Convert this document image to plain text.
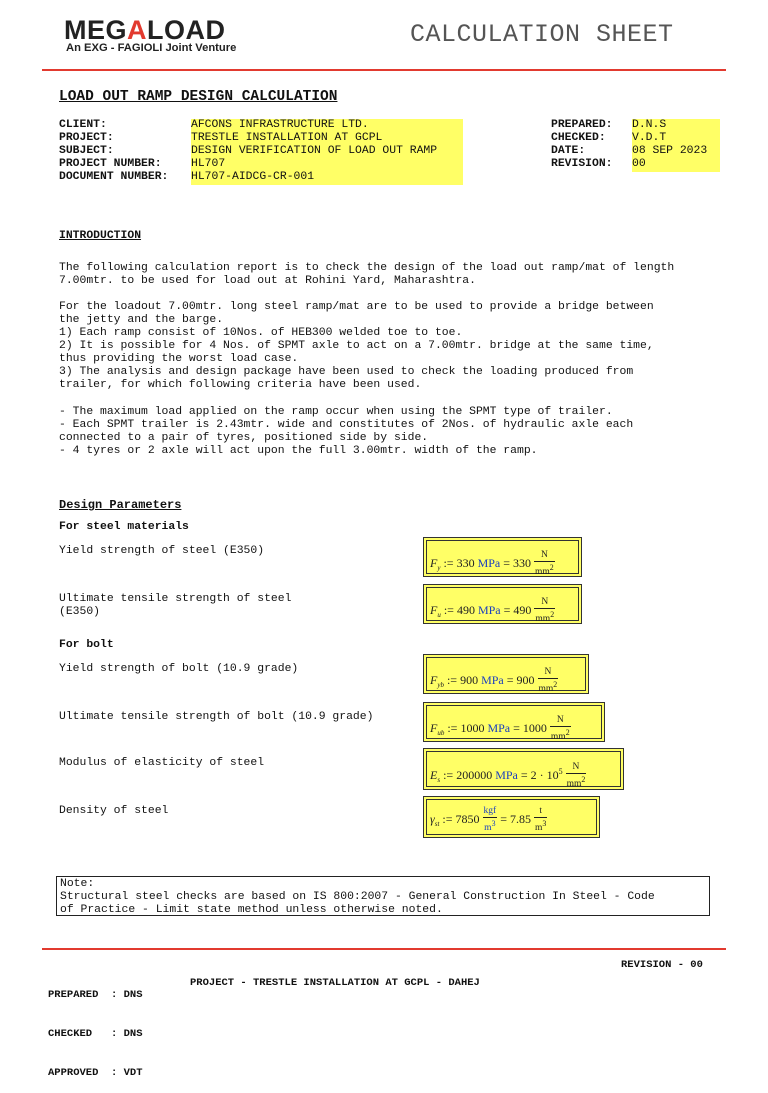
MEGALOAD
An EXG - FAGIOLI Joint Venture	CALCULATION SHEET
LOAD OUT RAMP DESIGN CALCULATION
CLIENT:
PROJECT:
SUBJECT:
PROJECT NUMBER:
DOCUMENT NUMBER:
AFCONS INFRASTRUCTURE LTD.
TRESTLE INSTALLATION AT GCPL
DESIGN VERIFICATION OF LOAD OUT RAMP
HL707
HL707-AIDCG-CR-001
PREPARED:
CHECKED:
DATE:
REVISION:
D.N.S
V.D.T
08 SEP 2023
00
INTRODUCTION
The following calculation report is to check the design of the load out ramp/mat of length
7.00mtr. to be used for load out at Rohini Yard, Maharashtra.
For the loadout 7.00mtr. long steel ramp/mat are to be used to provide a bridge between
the jetty and the barge.
1) Each ramp consist of 10Nos. of HEB300 welded toe to toe.
2) It is possible for 4 Nos. of SPMT axle to act on a 7.00mtr. bridge at the same time,
thus providing the worst load case.
3) The analysis and design package have been used to check the loading produced from
trailer, for which following criteria have been used.
- The maximum load applied on the ramp occur when using the SPMT type of trailer.
- Each SPMT trailer is 2.43mtr. wide and constitutes of 2Nos. of hydraulic axle each
connected to a pair of tyres, positioned side by side.
- 4 tyres or 2 axle will act upon the full 3.00mtr. width of the ramp.
Design Parameters
For steel materials
For bolt
Yield strength of steel (E350)
Ultimate tensile strength of steel
(E350)
Yield strength of bolt (10.9 grade)
Ultimate tensile strength of bolt (10.9 grade)
Modulus of elasticity of steel
Density of steel
$F_y$ := 330 MPa = $330 \frac{N}{mm^2}$
$F_u$ := 490 MPa = $490 \frac{N}{mm^2}$
$F_{yb}$ := 900 MPa = $900 \frac{N}{mm^2}$
$F_{ub}$ := 1000 MPa = $1000 \frac{N}{mm^2}$
$E_s$ := 200000 MPa = $2 \cdot 10^5 \frac{N}{mm^2}$
$\gamma_{st}$ := $7850 \frac{\text{kgf}}{m^3} = 7.85 \frac{t}{m^3}$
Note:
Structural steel checks are based on IS 800:2007 - General Construction In Steel - Code
of Practice - Limit state method unless otherwise noted.

PREPARED  : DNS

CHECKED   : DNS

APPROVED  : VDT

PROJECT - TRESTLE INSTALLATION AT GCPL - DAHEJ
REVISION - 00
